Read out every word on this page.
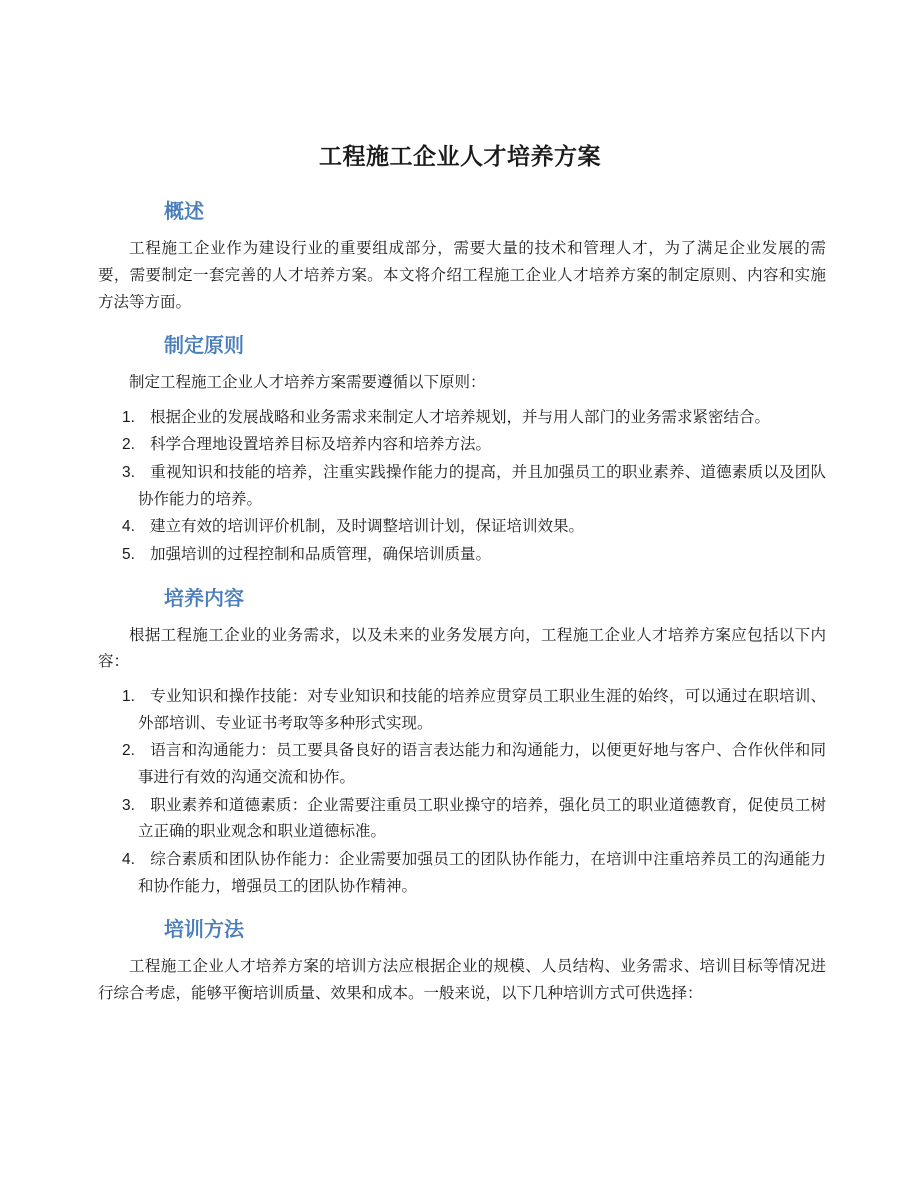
工程施工企业人才培养方案
概述

工程施工企业作为建设行业的重要组成部分，需要大量的技术和管理人才，为了满足企业发展的需要，需要制定一套完善的人才培养方案。本文将介绍工程施工企业人才培养方案的制定原则、内容和实施方法等方面。

制定原则

制定工程施工企业人才培养方案需要遵循以下原则：

1. 根据企业的发展战略和业务需求来制定人才培养规划，并与用人部门的业务需求紧密结合。
2. 科学合理地设置培养目标及培养内容和培养方法。
3. 重视知识和技能的培养，注重实践操作能力的提高，并且加强员工的职业素养、道德素质以及团队协作能力的培养。
4. 建立有效的培训评价机制，及时调整培训计划，保证培训效果。
5. 加强培训的过程控制和品质管理，确保培训质量。
培养内容

根据工程施工企业的业务需求，以及未来的业务发展方向，工程施工企业人才培养方案应包括以下内容：

1. 专业知识和操作技能：对专业知识和技能的培养应贯穿员工职业生涯的始终，可以通过在职培训、外部培训、专业证书考取等多种形式实现。
2. 语言和沟通能力：员工要具备良好的语言表达能力和沟通能力，以便更好地与客户、合作伙伴和同事进行有效的沟通交流和协作。
3. 职业素养和道德素质：企业需要注重员工职业操守的培养，强化员工的职业道德教育，促使员工树立正确的职业观念和职业道德标准。
4. 综合素质和团队协作能力：企业需要加强员工的团队协作能力，在培训中注重培养员工的沟通能力和协作能力，增强员工的团队协作精神。
培训方法

工程施工企业人才培养方案的培训方法应根据企业的规模、人员结构、业务需求、培训目标等情况进行综合考虑，能够平衡培训质量、效果和成本。一般来说，以下几种培训方式可供选择：
